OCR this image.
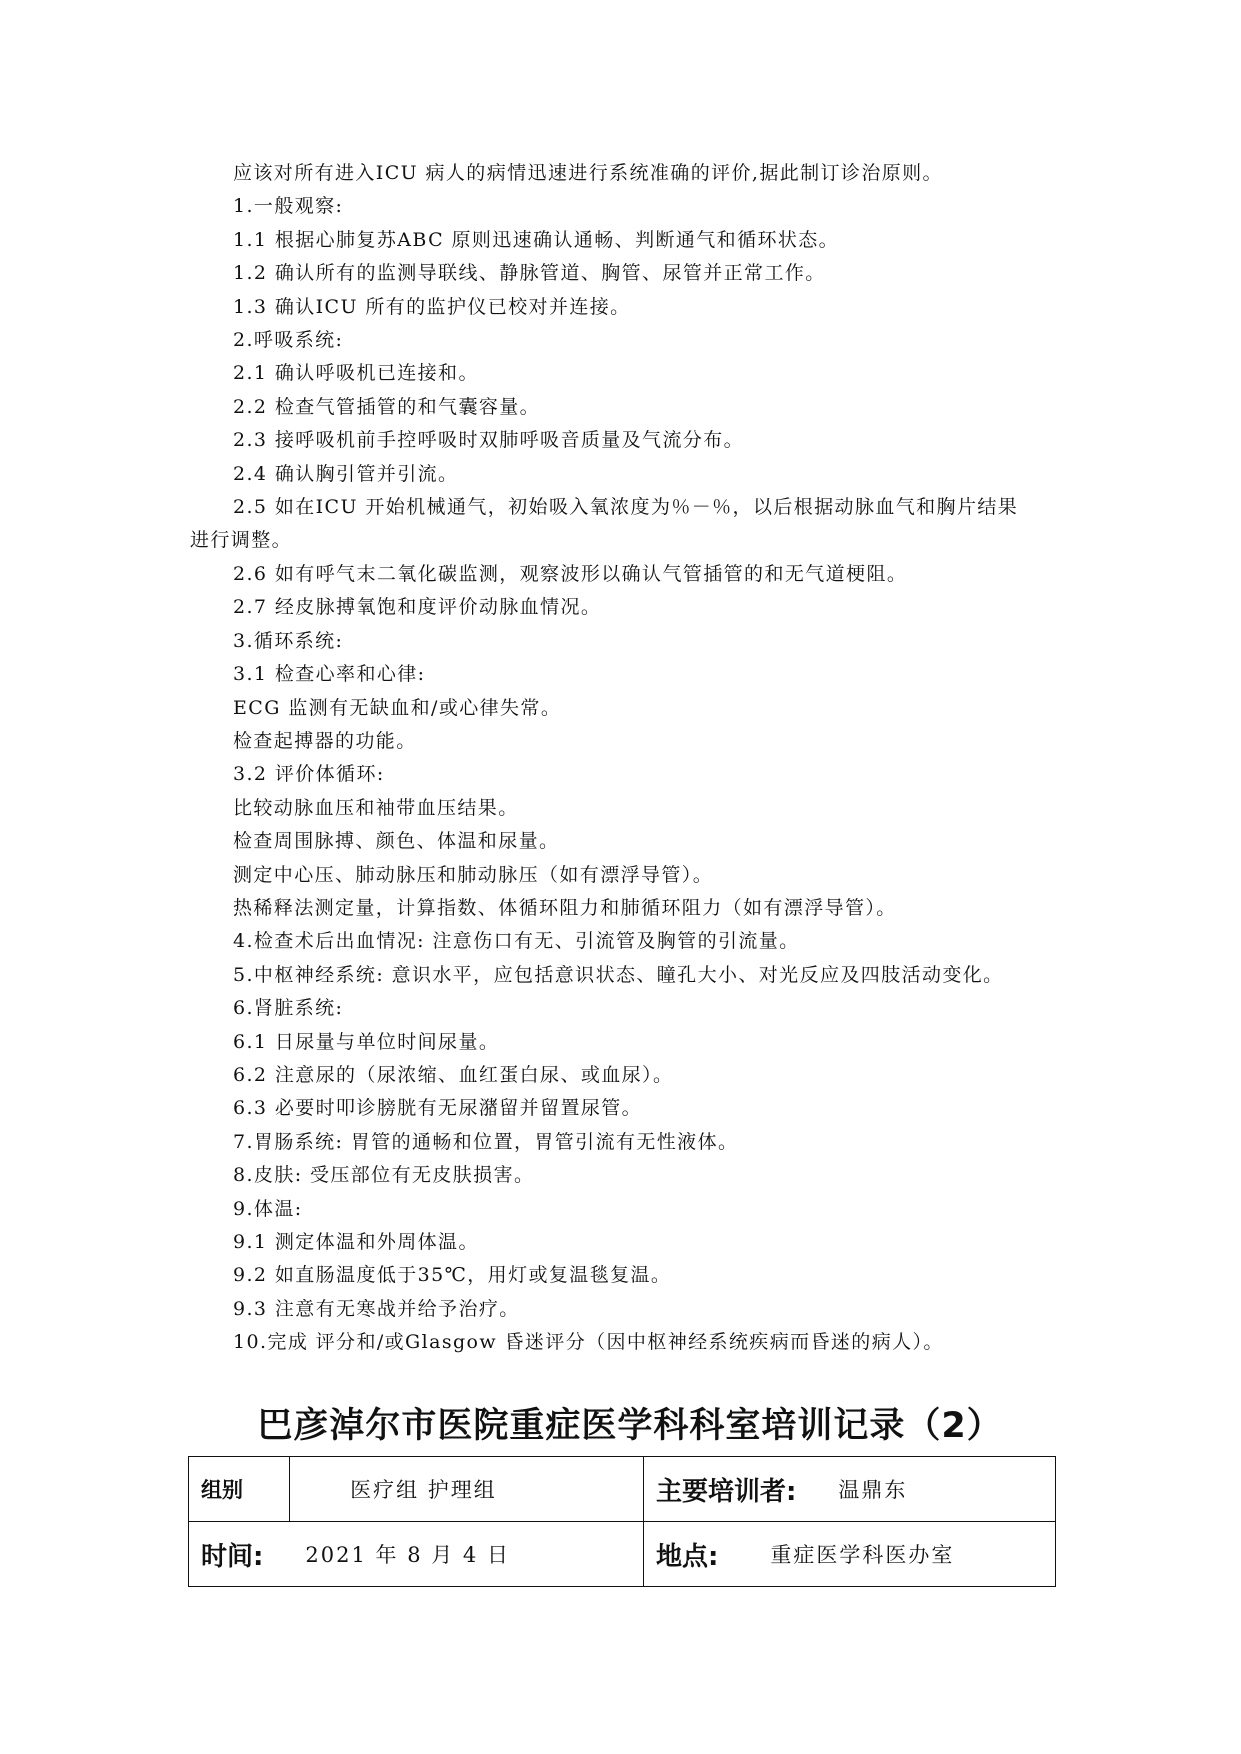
应该对所有进入ICU 病人的病情迅速进行系统准确的评价,据此制订诊治原则。
1.一般观察:
1.1 根据心肺复苏ABC 原则迅速确认通畅、判断通气和循环状态。
1.2 确认所有的监测导联线、静脉管道、胸管、尿管并正常工作。
1.3 确认ICU 所有的监护仪已校对并连接。
2.呼吸系统:
2.1 确认呼吸机已连接和。
2.2 检查气管插管的和气囊容量。
2.3 接呼吸机前手控呼吸时双肺呼吸音质量及气流分布。
2.4 确认胸引管并引流。
2.5 如在ICU 开始机械通气，初始吸入氧浓度为％－％，以后根据动脉血气和胸片结果
进行调整。
2.6 如有呼气末二氧化碳监测，观察波形以确认气管插管的和无气道梗阻。
2.7 经皮脉搏氧饱和度评价动脉血情况。
3.循环系统:
3.1 检查心率和心律:
ECG 监测有无缺血和/或心律失常。
检查起搏器的功能。
3.2 评价体循环:
比较动脉血压和袖带血压结果。
检查周围脉搏、颜色、体温和尿量。
测定中心压、肺动脉压和肺动脉压（如有漂浮导管）。
热稀释法测定量，计算指数、体循环阻力和肺循环阻力（如有漂浮导管）。
4.检查术后出血情况: 注意伤口有无、引流管及胸管的引流量。
5.中枢神经系统: 意识水平，应包括意识状态、瞳孔大小、对光反应及四肢活动变化。
6.肾脏系统:
6.1 日尿量与单位时间尿量。
6.2 注意尿的（尿浓缩、血红蛋白尿、或血尿）。
6.3 必要时叩诊膀胱有无尿潴留并留置尿管。
7.胃肠系统: 胃管的通畅和位置，胃管引流有无性液体。
8.皮肤: 受压部位有无皮肤损害。
9.体温:
9.1 测定体温和外周体温。
9.2 如直肠温度低于35℃，用灯或复温毯复温。
9.3 注意有无寒战并给予治疗。
10.完成 评分和/或Glasgow 昏迷评分（因中枢神经系统疾病而昏迷的病人）。
巴彦淖尔市医院重症医学科科室培训记录（2）
组别	医疗组 护理组	主要培训者: 温鼎东

时间: 2021 年 8 月 4 日		地点: 重症医学科医办室
